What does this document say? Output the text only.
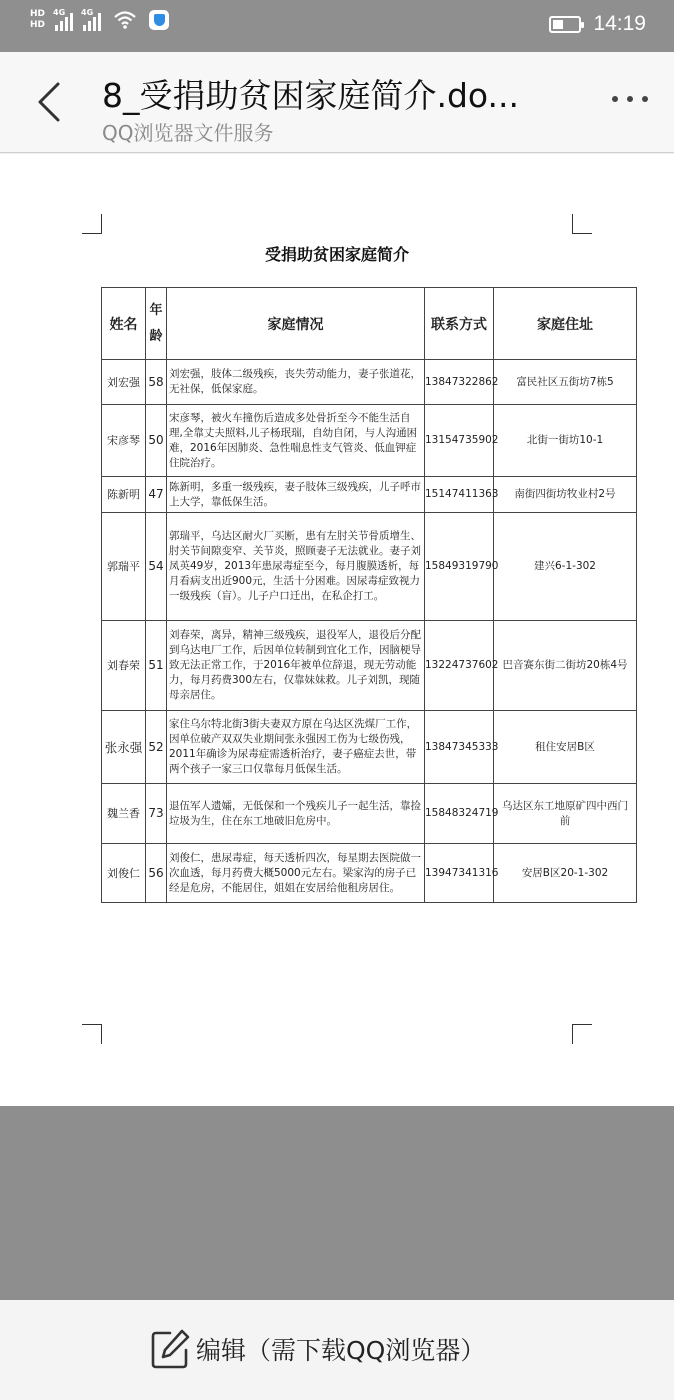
HD
HD
4G 4G	14:19
8_受捐助贫困家庭简介.do...
QQ浏览器文件服务
受捐助贫困家庭简介
姓名	年龄	家庭情况	联系方式	家庭住址
刘宏强	58	刘宏强，肢体二级残疾，丧失劳动能力，妻子张道花，无社保，低保家庭。	13847322862	富民社区五街坊7栋5
宋彦琴	50	宋彦琴，被火车撞伤后造成多处骨折至今不能生活自理,全靠丈夫照料,儿子杨珉瑞，自幼自闭，与人沟通困难，2016年因肺炎、急性喘息性支气管炎、低血钾症住院治疗。	13154735902	北街一街坊10-1
陈新明	47	陈新明，多重一级残疾，妻子肢体三级残疾，儿子呼市上大学，靠低保生活。	15147411363	南街四街坊牧业村2号
郭瑞平	54	郭瑞平，乌达区耐火厂买断，患有左肘关节骨质增生、肘关节间隙变窄、关节炎，照顾妻子无法就业。妻子刘凤英49岁，2013年患尿毒症至今，每月腹膜透析，每月看病支出近900元，生活十分困难。因尿毒症致视力一级残疾（盲）。儿子户口迁出，在私企打工。	15849319790	建兴6-1-302
刘春荣	51	刘春荣，离异，精神三级残疾，退役军人，退役后分配到乌达电厂工作，后因单位转制到宜化工作，因脑梗导致无法正常工作，于2016年被单位辞退，现无劳动能力，每月药费300左右，仅靠妹妹救。儿子刘凯，现随母亲居住。	13224737602	巴音赛东街二街坊20栋4号
张永强	52	家住乌尔特北街3街夫妻双方原在乌达区洗煤厂工作，因单位破产双双失业期间张永强因工伤为七级伤残，2011年确诊为尿毒症需透析治疗，妻子癌症去世，带两个孩子一家三口仅靠每月低保生活。	13847345333	租住安居B区
魏兰香	73	退伍军人遗孀，无低保和一个残疾儿子一起生活，靠捡垃圾为生，住在东工地破旧危房中。	15848324719	乌达区东工地原矿四中西门前
刘俊仁	56	刘俊仁，患尿毒症，每天透析四次，每星期去医院做一次血透，每月药费大概5000元左右。梁家沟的房子已经是危房，不能居住，姐姐在安居给他租房居住。	13947341316	安居B区20-1-302
编辑（需下载QQ浏览器）
